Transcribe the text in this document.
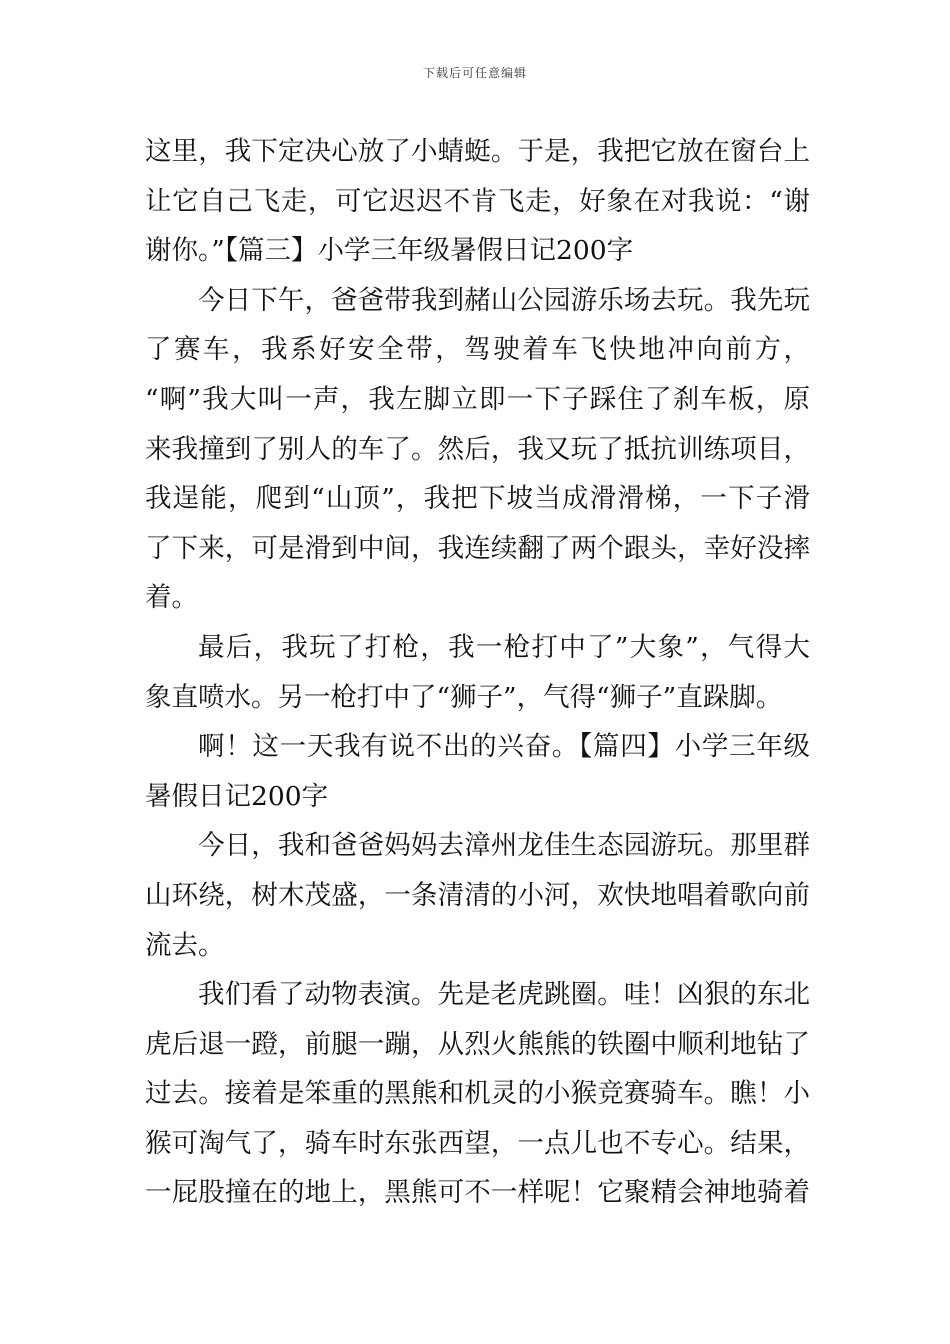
下载后可任意编辑
这里，我下定决心放了小蜻蜓。于是，我把它放在窗台上
让它自己飞走，可它迟迟不肯飞走，好象在对我说：“谢
谢你。”【篇三】小学三年级暑假日记200字
今日下午，爸爸带我到赭山公园游乐场去玩。我先玩
了赛车，我系好安全带，驾驶着车飞快地冲向前方，
“啊”我大叫一声，我左脚立即一下子踩住了刹车板，原
来我撞到了别人的车了。然后，我又玩了抵抗训练项目，
我逞能，爬到“山顶”，我把下坡当成滑滑梯，一下子滑
了下来，可是滑到中间，我连续翻了两个跟头，幸好没摔
着。
最后，我玩了打枪，我一枪打中了”大象”，气得大
象直喷水。另一枪打中了“狮子”，气得“狮子”直跺脚。
啊！这一天我有说不出的兴奋。【篇四】小学三年级
暑假日记200字
今日，我和爸爸妈妈去漳州龙佳生态园游玩。那里群
山环绕，树木茂盛，一条清清的小河，欢快地唱着歌向前
流去。
我们看了动物表演。先是老虎跳圈。哇！凶狠的东北
虎后退一蹬，前腿一蹦，从烈火熊熊的铁圈中顺利地钻了
过去。接着是笨重的黑熊和机灵的小猴竞赛骑车。瞧！小
猴可淘气了，骑车时东张西望，一点儿也不专心。结果，
一屁股撞在的地上，黑熊可不一样呢！它聚精会神地骑着
